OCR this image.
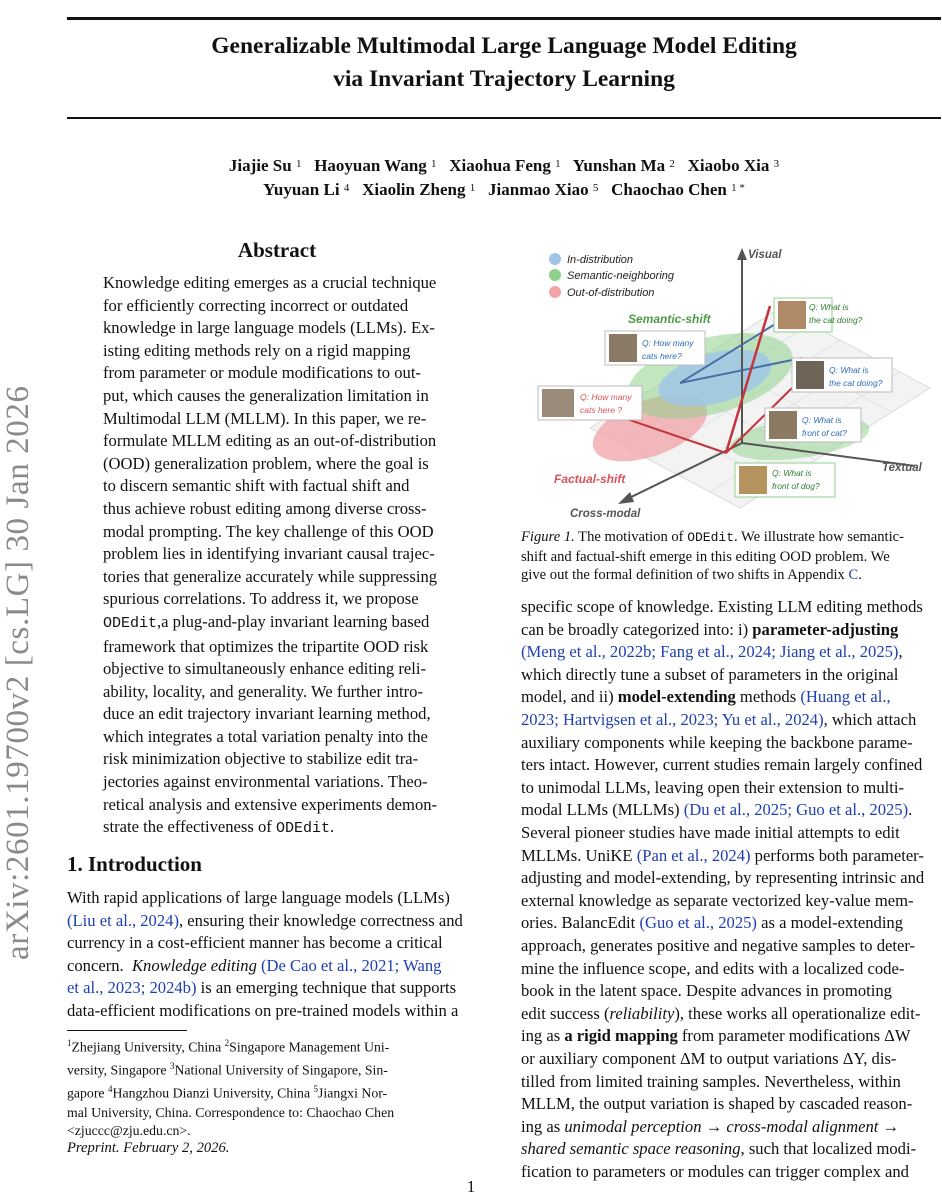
Generalizable Multimodal Large Language Model Editing
via Invariant Trajectory Learning
Jiajie Su $^1$ Haoyuan Wang $^1$ Xiaohua Feng $^1$ Yunshan Ma $^2$ Xiaobo Xia $^3$
Yuyuan Li $^4$ Xiaolin Zheng $^1$ Jianmao Xiao $^5$ Chaochao Chen $^{1 *}$
arXiv:2601.19700v2 [cs.LG] 30 Jan 2026
Abstract
Knowledge editing emerges as a crucial technique
for efficiently correcting incorrect or outdated
knowledge in large language models (LLMs). Ex-
isting editing methods rely on a rigid mapping
from parameter or module modifications to out-
put, which causes the generalization limitation in
Multimodal LLM (MLLM). In this paper, we re-
formulate MLLM editing as an out-of-distribution
(OOD) generalization problem, where the goal is
to discern semantic shift with factual shift and
thus achieve robust editing among diverse cross-
modal prompting. The key challenge of this OOD
problem lies in identifying invariant causal trajec-
tories that generalize accurately while suppressing
spurious correlations. To address it, we propose
ODEdit,a plug-and-play invariant learning based
framework that optimizes the tripartite OOD risk
objective to simultaneously enhance editing reli-
ability, locality, and generality. We further intro-
duce an edit trajectory invariant learning method,
which integrates a total variation penalty into the
risk minimization objective to stabilize edit tra-
jectories against environmental variations. Theo-
retical analysis and extensive experiments demon-
strate the effectiveness of ODEdit.
1. Introduction
With rapid applications of large language models (LLMs)
(Liu et al., 2024), ensuring their knowledge correctness and
currency in a cost-efficient manner has become a critical
concern. Knowledge editing (De Cao et al., 2021; Wang
et al., 2023; 2024b) is an emerging technique that supports
data-efficient modifications on pre-trained models within a
$^1$Zhejiang University, China $^2$Singapore Management Uni-
versity, Singapore $^3$National University of Singapore, Sin-
gapore $^4$Hangzhou Dianzi University, China $^5$Jiangxi Nor-
mal University, China. Correspondence to: Chaochao Chen
<zjuccc@zju.edu.cn>.
Preprint. February 2, 2026.
In-distribution
Semantic-neighboring
Out-of-distribution
Visual
Textual
Cross-modal
Semantic-shift
Factual-shift
Q: What is
the cat doing?
Q: How many
cats here?
Q: What is
the cat doing?
Q: How many
cats here ?
Q: What is
front of cat?
Q: What is
front of dog?
Figure 1. The motivation of ODEdit. We illustrate how semantic-
shift and factual-shift emerge in this editing OOD problem. We
give out the formal definition of two shifts in Appendix C.
specific scope of knowledge. Existing LLM editing methods
can be broadly categorized into: i) parameter-adjusting
(Meng et al., 2022b; Fang et al., 2024; Jiang et al., 2025),
which directly tune a subset of parameters in the original
model, and ii) model-extending methods (Huang et al.,
2023; Hartvigsen et al., 2023; Yu et al., 2024), which attach
auxiliary components while keeping the backbone parame-
ters intact. However, current studies remain largely confined
to unimodal LLMs, leaving open their extension to multi-
modal LLMs (MLLMs) (Du et al., 2025; Guo et al., 2025).
Several pioneer studies have made initial attempts to edit
MLLMs. UniKE (Pan et al., 2024) performs both parameter-
adjusting and model-extending, by representing intrinsic and
external knowledge as separate vectorized key-value mem-
ories. BalancEdit (Guo et al., 2025) as a model-extending
approach, generates positive and negative samples to deter-
mine the influence scope, and edits with a localized code-
book in the latent space. Despite advances in promoting
edit success (reliability), these works all operationalize edit-
ing as a rigid mapping from parameter modifications ΔW
or auxiliary component ΔM to output variations ΔY, dis-
tilled from limited training samples. Nevertheless, within
MLLM, the output variation is shaped by cascaded reason-
ing as unimodal perception → cross-modal alignment →
shared semantic space reasoning, such that localized modi-
fication to parameters or modules can trigger complex and
1
